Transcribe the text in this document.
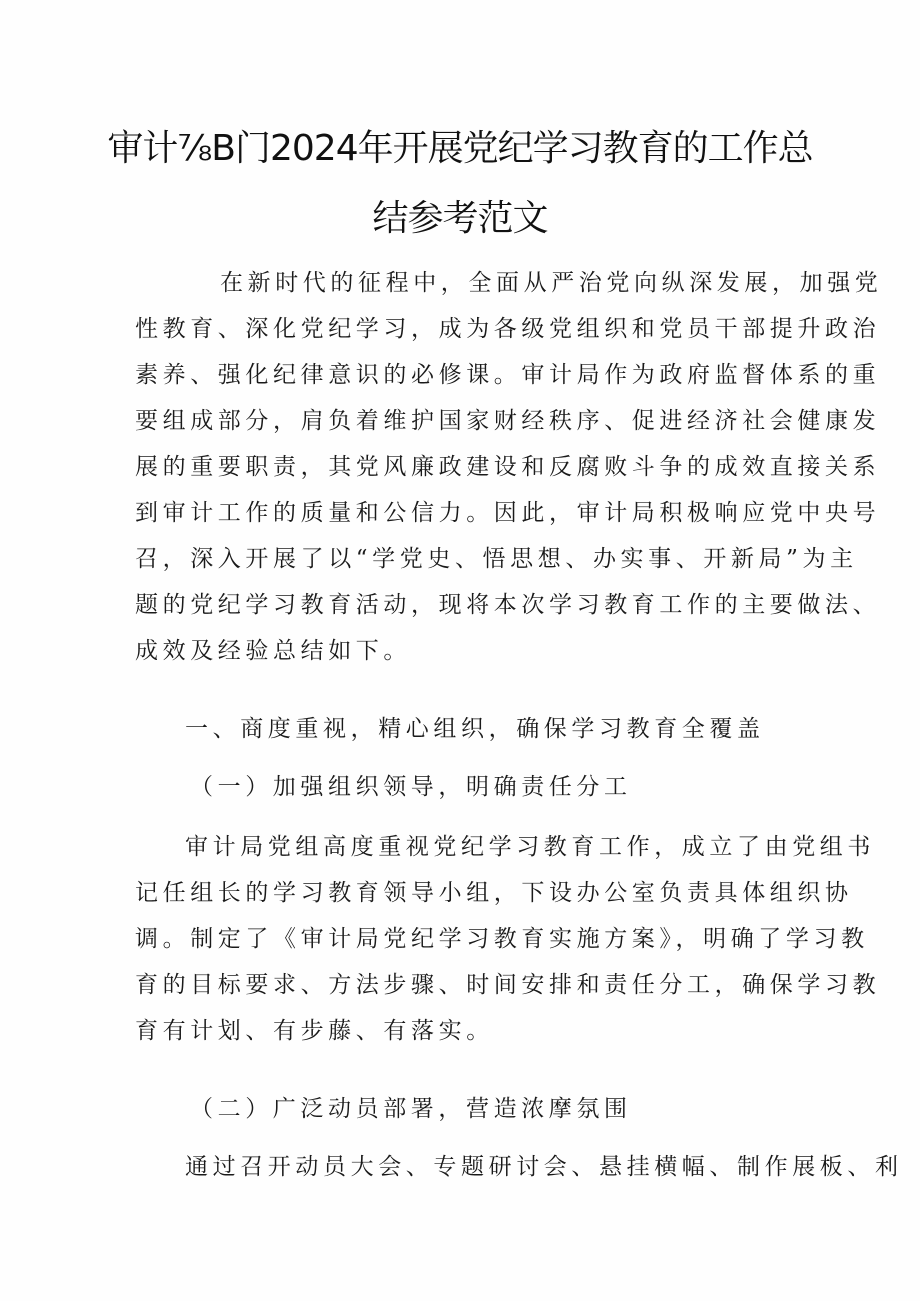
审计⅞B门2024年开展党纪学习教育的工作总
结参考范文
在新时代的征程中，全面从严治党向纵深发展，加强党
性教育、深化党纪学习，成为各级党组织和党员干部提升政治
素养、强化纪律意识的必修课。审计局作为政府监督体系的重
要组成部分，肩负着维护国家财经秩序、促进经济社会健康发
展的重要职责，其党风廉政建设和反腐败斗争的成效直接关系
到审计工作的质量和公信力。因此，审计局积极响应党中央号
召，深入开展了以“学党史、悟思想、办实事、开新局”为主
题的党纪学习教育活动，现将本次学习教育工作的主要做法、
成效及经验总结如下。
一、商度重视，精心组织，确保学习教育全覆盖
（一）加强组织领导，明确责任分工
审计局党组高度重视党纪学习教育工作，成立了由党组书
记任组长的学习教育领导小组，下设办公室负责具体组织协
调。制定了《审计局党纪学习教育实施方案》，明确了学习教
育的目标要求、方法步骤、时间安排和责任分工，确保学习教
育有计划、有步藤、有落实。
（二）广泛动员部署，营造浓摩氛围
通过召开动员大会、专题研讨会、悬挂横幅、制作展板、利
